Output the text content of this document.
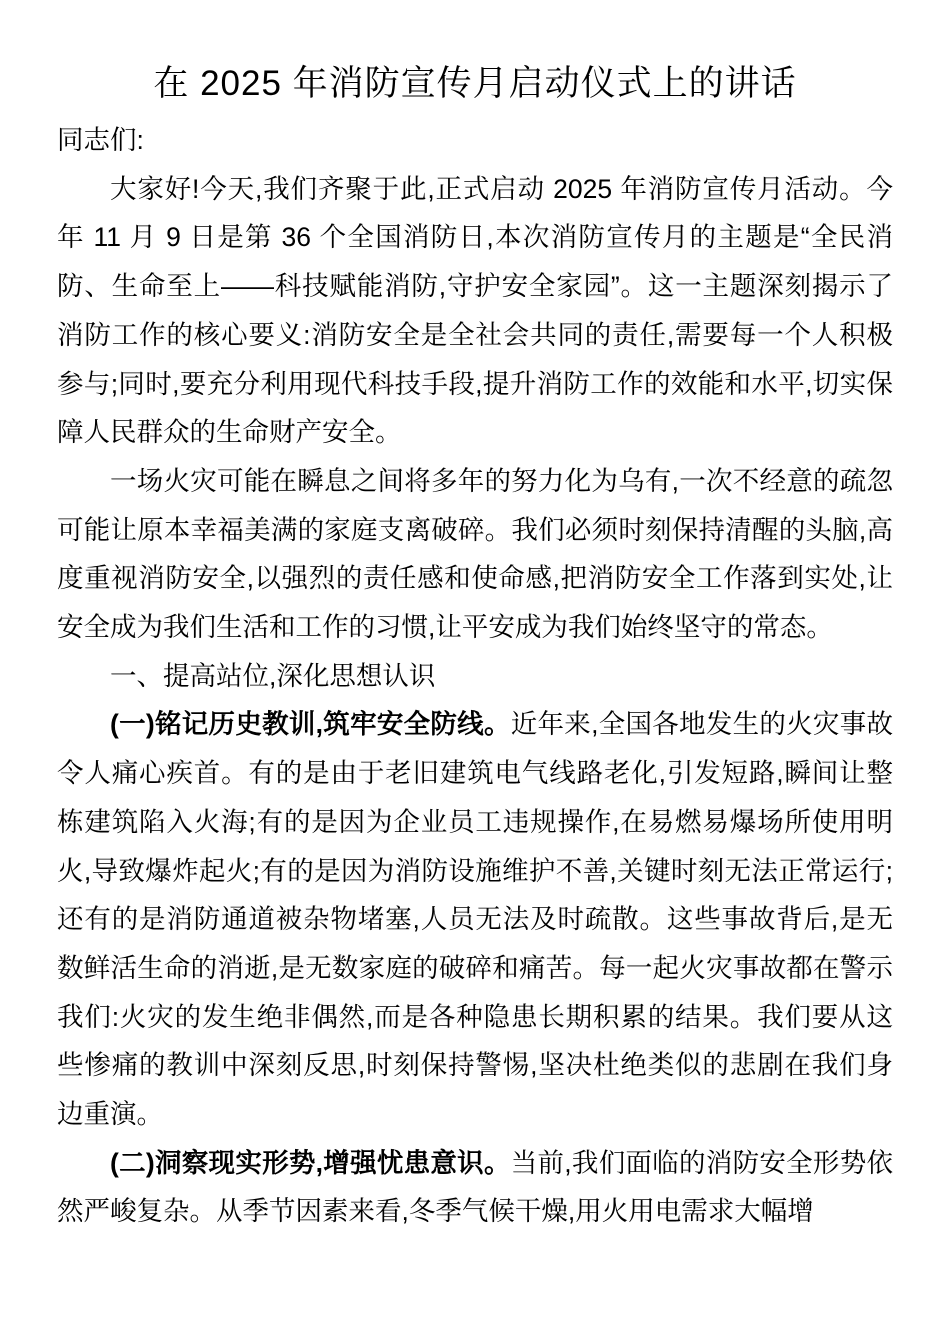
在 2025 年消防宣传月启动仪式上的讲话

同志们:

大家好!今天,我们齐聚于此,正式启动 2025 年消防宣传月活动。今年 11 月 9 日是第 36 个全国消防日,本次消防宣传月的主题是“全民消防、生命至上——科技赋能消防,守护安全家园”。这一主题深刻揭示了消防工作的核心要义:消防安全是全社会共同的责任,需要每一个人积极参与;同时,要充分利用现代科技手段,提升消防工作的效能和水平,切实保障人民群众的生命财产安全。

一场火灾可能在瞬息之间将多年的努力化为乌有,一次不经意的疏忽可能让原本幸福美满的家庭支离破碎。我们必须时刻保持清醒的头脑,高度重视消防安全,以强烈的责任感和使命感,把消防安全工作落到实处,让安全成为我们生活和工作的习惯,让平安成为我们始终坚守的常态。

一、提高站位,深化思想认识

(一)铭记历史教训,筑牢安全防线。近年来,全国各地发生的火灾事故令人痛心疾首。有的是由于老旧建筑电气线路老化,引发短路,瞬间让整栋建筑陷入火海;有的是因为企业员工违规操作,在易燃易爆场所使用明火,导致爆炸起火;有的是因为消防设施维护不善,关键时刻无法正常运行;还有的是消防通道被杂物堵塞,人员无法及时疏散。这些事故背后,是无数鲜活生命的消逝,是无数家庭的破碎和痛苦。每一起火灾事故都在警示我们:火灾的发生绝非偶然,而是各种隐患长期积累的结果。我们要从这些惨痛的教训中深刻反思,时刻保持警惕,坚决杜绝类似的悲剧在我们身边重演。

(二)洞察现实形势,增强忧患意识。当前,我们面临的消防安全形势依然严峻复杂。从季节因素来看,冬季气候干燥,用火用电需求大幅增
